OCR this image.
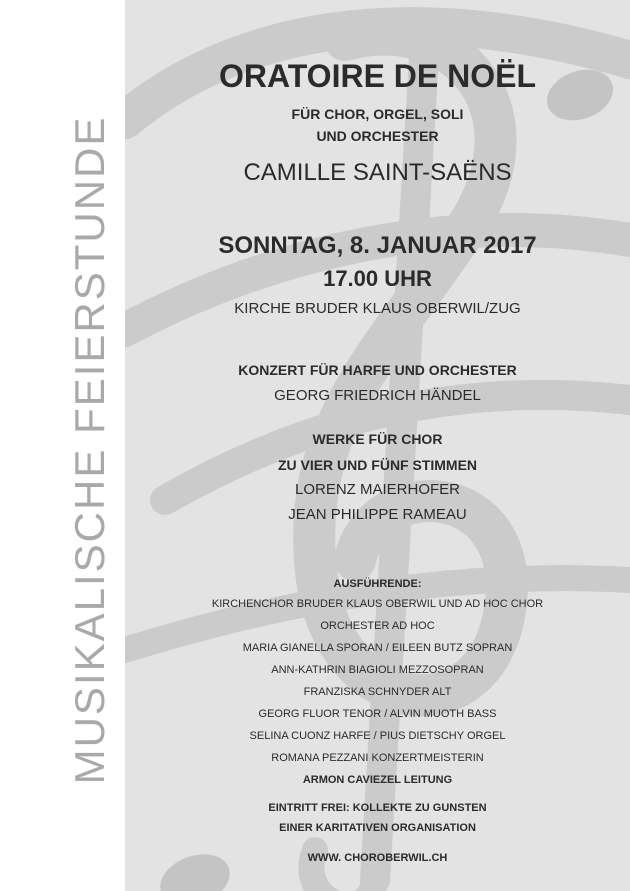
MUSIKALISCHE FEIERSTUNDE
ORATOIRE DE NOËL
FÜR CHOR, ORGEL, SOLI
UND ORCHESTER
CAMILLE SAINT-SAËNS
SONNTAG, 8. JANUAR 2017
17.00 UHR
KIRCHE BRUDER KLAUS OBERWIL/ZUG
KONZERT FÜR HARFE UND ORCHESTER
GEORG FRIEDRICH HÄNDEL
WERKE FÜR CHOR
ZU VIER UND FÜNF STIMMEN
LORENZ MAIERHOFER
JEAN PHILIPPE RAMEAU
AUSFÜHRENDE:
KIRCHENCHOR BRUDER KLAUS OBERWIL UND AD HOC CHOR
ORCHESTER AD HOC
MARIA GIANELLA SPORAN / EILEEN BUTZ SOPRAN
ANN-KATHRIN BIAGIOLI MEZZOSOPRAN
FRANZISKA SCHNYDER ALT
GEORG FLUOR TENOR / ALVIN MUOTH BASS
SELINA CUONZ HARFE / PIUS DIETSCHY ORGEL
ROMANA PEZZANI KONZERTMEISTERIN
ARMON CAVIEZEL LEITUNG
EINTRITT FREI: KOLLEKTE ZU GUNSTEN
EINER KARITATIVEN ORGANISATION
WWW. CHOROBERWIL.CH
